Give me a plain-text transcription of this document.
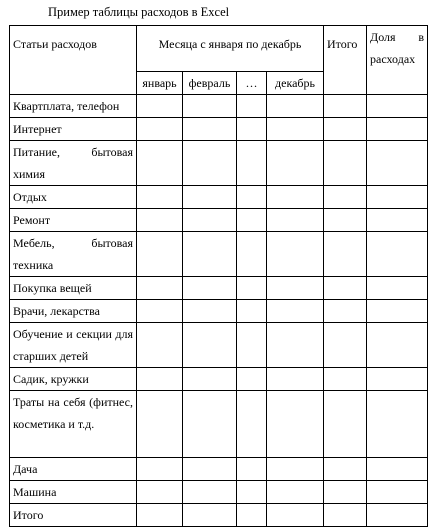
Пример таблицы расходов в Excel
Статьи расходов	Месяца с января по декабрь				Итого	Доля в
расходах

	январь	февраль	…	декабрь		
Квартплата, телефон						
Интернет						
Питание, бытовая химия						
Отдых						
Ремонт						
Мебель, бытовая техника						
Покупка вещей						
Врачи, лекарства						
Обучение и секции для старших детей						
Садик, кружки						
Траты на себя (фитнес, косметика и т.д.						
Дача						
Машина						
Итого						
